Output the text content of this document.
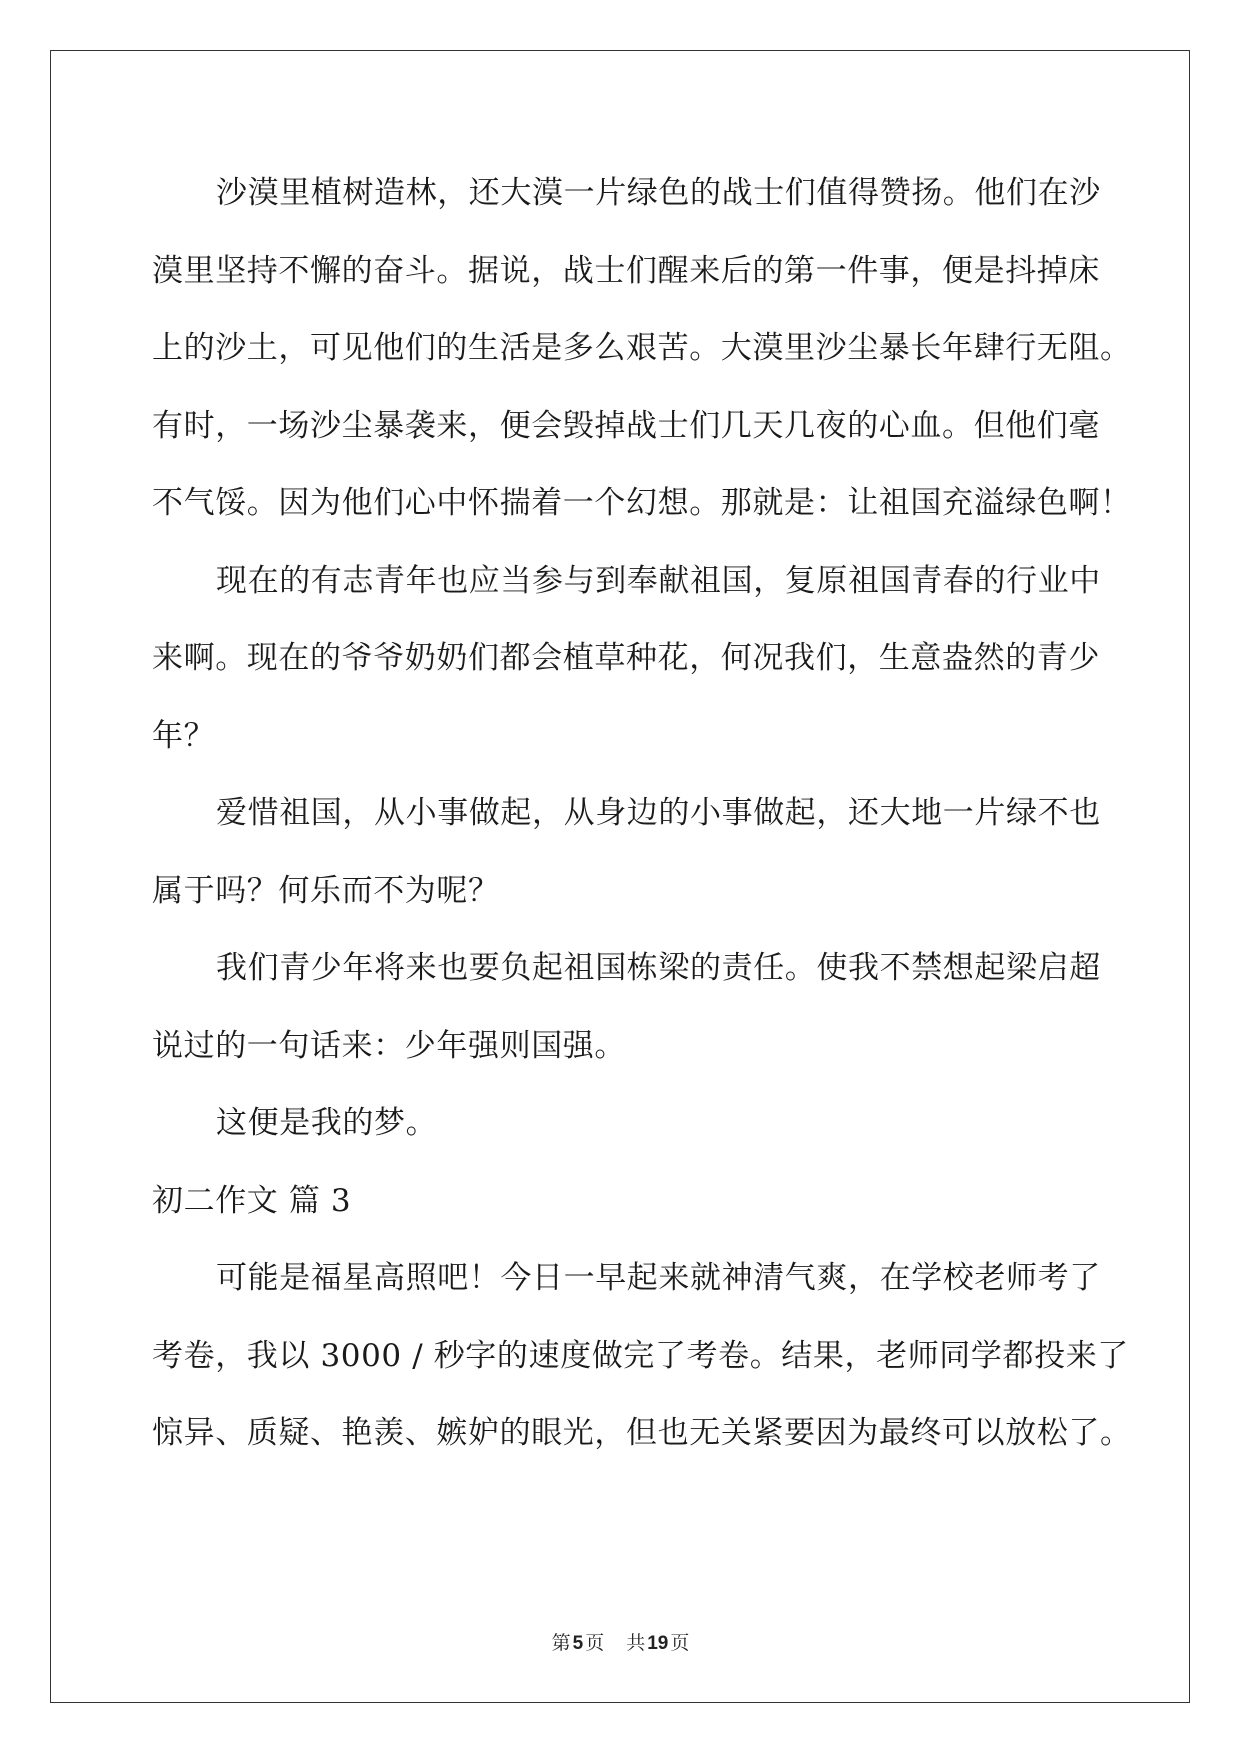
沙漠里植树造林，还大漠一片绿色的战士们值得赞扬。他们在沙
漠里坚持不懈的奋斗。据说，战士们醒来后的第一件事，便是抖掉床
上的沙土，可见他们的生活是多么艰苦。大漠里沙尘暴长年肆行无阻。
有时，一场沙尘暴袭来，便会毁掉战士们几天几夜的心血。但他们毫
不气馁。因为他们心中怀揣着一个幻想。那就是：让祖国充溢绿色啊！
现在的有志青年也应当参与到奉献祖国，复原祖国青春的行业中
来啊。现在的爷爷奶奶们都会植草种花，何况我们，生意盎然的青少
年？
爱惜祖国，从小事做起，从身边的小事做起，还大地一片绿不也
属于吗？何乐而不为呢？
我们青少年将来也要负起祖国栋梁的责任。使我不禁想起梁启超
说过的一句话来：少年强则国强。
这便是我的梦。
初二作文 篇 3
可能是福星高照吧！今日一早起来就神清气爽，在学校老师考了
考卷，我以 3000 / 秒字的速度做完了考卷。结果，老师同学都投来了
惊异、质疑、艳羡、嫉妒的眼光，但也无关紧要因为最终可以放松了。
第 5 页 共 19 页
